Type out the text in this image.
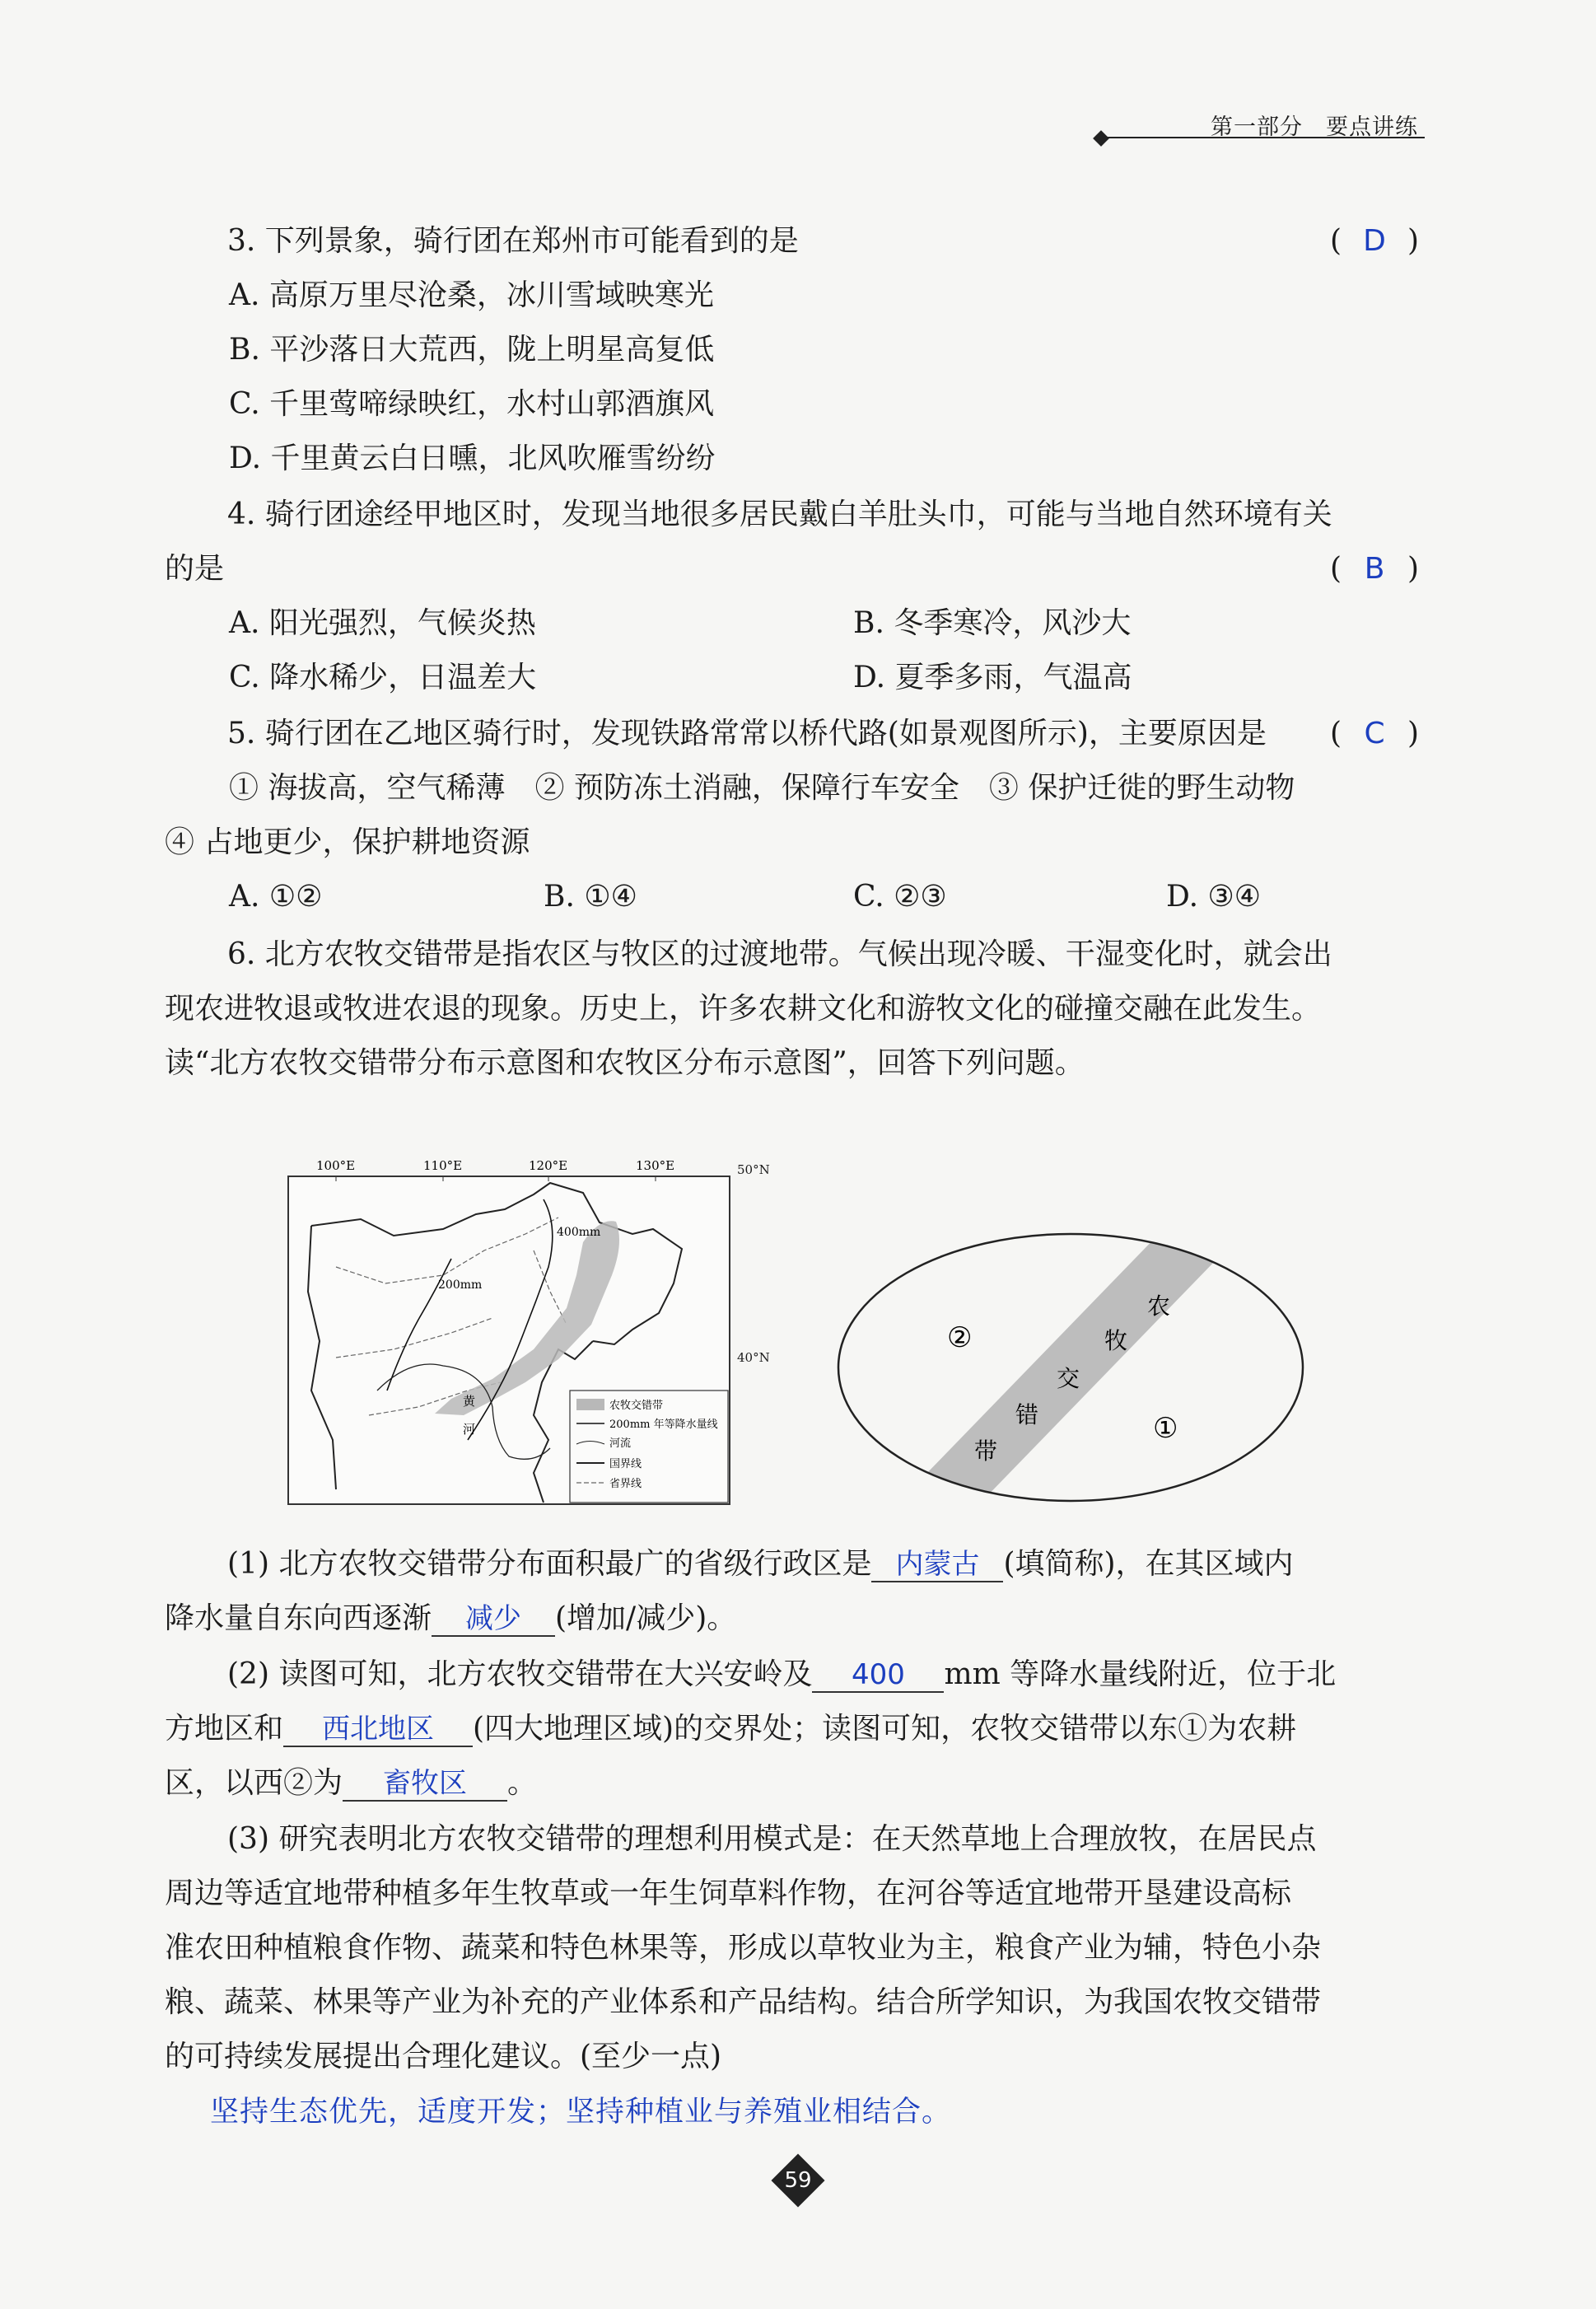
第一部分　要点讲练
3. 下列景象，骑行团在郑州市可能看到的是	( D )
A. 高原万里尽沧桑，冰川雪域映寒光
B. 平沙落日大荒西，陇上明星高复低
C. 千里莺啼绿映红，水村山郭酒旗风
D. 千里黄云白日曛，北风吹雁雪纷纷
4. 骑行团途经甲地区时，发现当地很多居民戴白羊肚头巾，可能与当地自然环境有关
的是	( B )
A. 阳光强烈，气候炎热	B. 冬季寒冷，风沙大
C. 降水稀少，日温差大	D. 夏季多雨，气温高
5. 骑行团在乙地区骑行时，发现铁路常常以桥代路(如景观图所示)，主要原因是 ( C )
① 海拔高，空气稀薄　② 预防冻土消融，保障行车安全　③ 保护迁徙的野生动物
④ 占地更少，保护耕地资源
A. ①②	B. ①④	C. ②③	D. ③④
6. 北方农牧交错带是指农区与牧区的过渡地带。气候出现冷暖、干湿变化时，就会出
现农进牧退或牧进农退的现象。历史上，许多农耕文化和游牧文化的碰撞交融在此发生。
读“北方农牧交错带分布示意图和农牧区分布示意图”，回答下列问题。
100°E	110°E	120°E	130°E
400mm
200mm
黄
河
农牧交错带
200mm 年等降水量线
河流
国界线
省界线
50°N
40°N
农
牧
交
错
带
②
①
(1) 北方农牧交错带分布面积最广的省级行政区是 内蒙古 (填简称)，在其区域内
降水量自东向西逐渐 减少 (增加/减少)。
(2) 读图可知，北方农牧交错带在大兴安岭及 400 mm 等降水量线附近，位于北
方地区和 西北地区 (四大地理区域)的交界处；读图可知，农牧交错带以东①为农耕
区，以西②为 畜牧区 。
(3) 研究表明北方农牧交错带的理想利用模式是：在天然草地上合理放牧，在居民点
周边等适宜地带种植多年生牧草或一年生饲草料作物，在河谷等适宜地带开垦建设高标
准农田种植粮食作物、蔬菜和特色林果等，形成以草牧业为主，粮食产业为辅，特色小杂
粮、蔬菜、林果等产业为补充的产业体系和产品结构。结合所学知识，为我国农牧交错带
的可持续发展提出合理化建议。(至少一点)
坚持生态优先，适度开发；坚持种植业与养殖业相结合。
59
